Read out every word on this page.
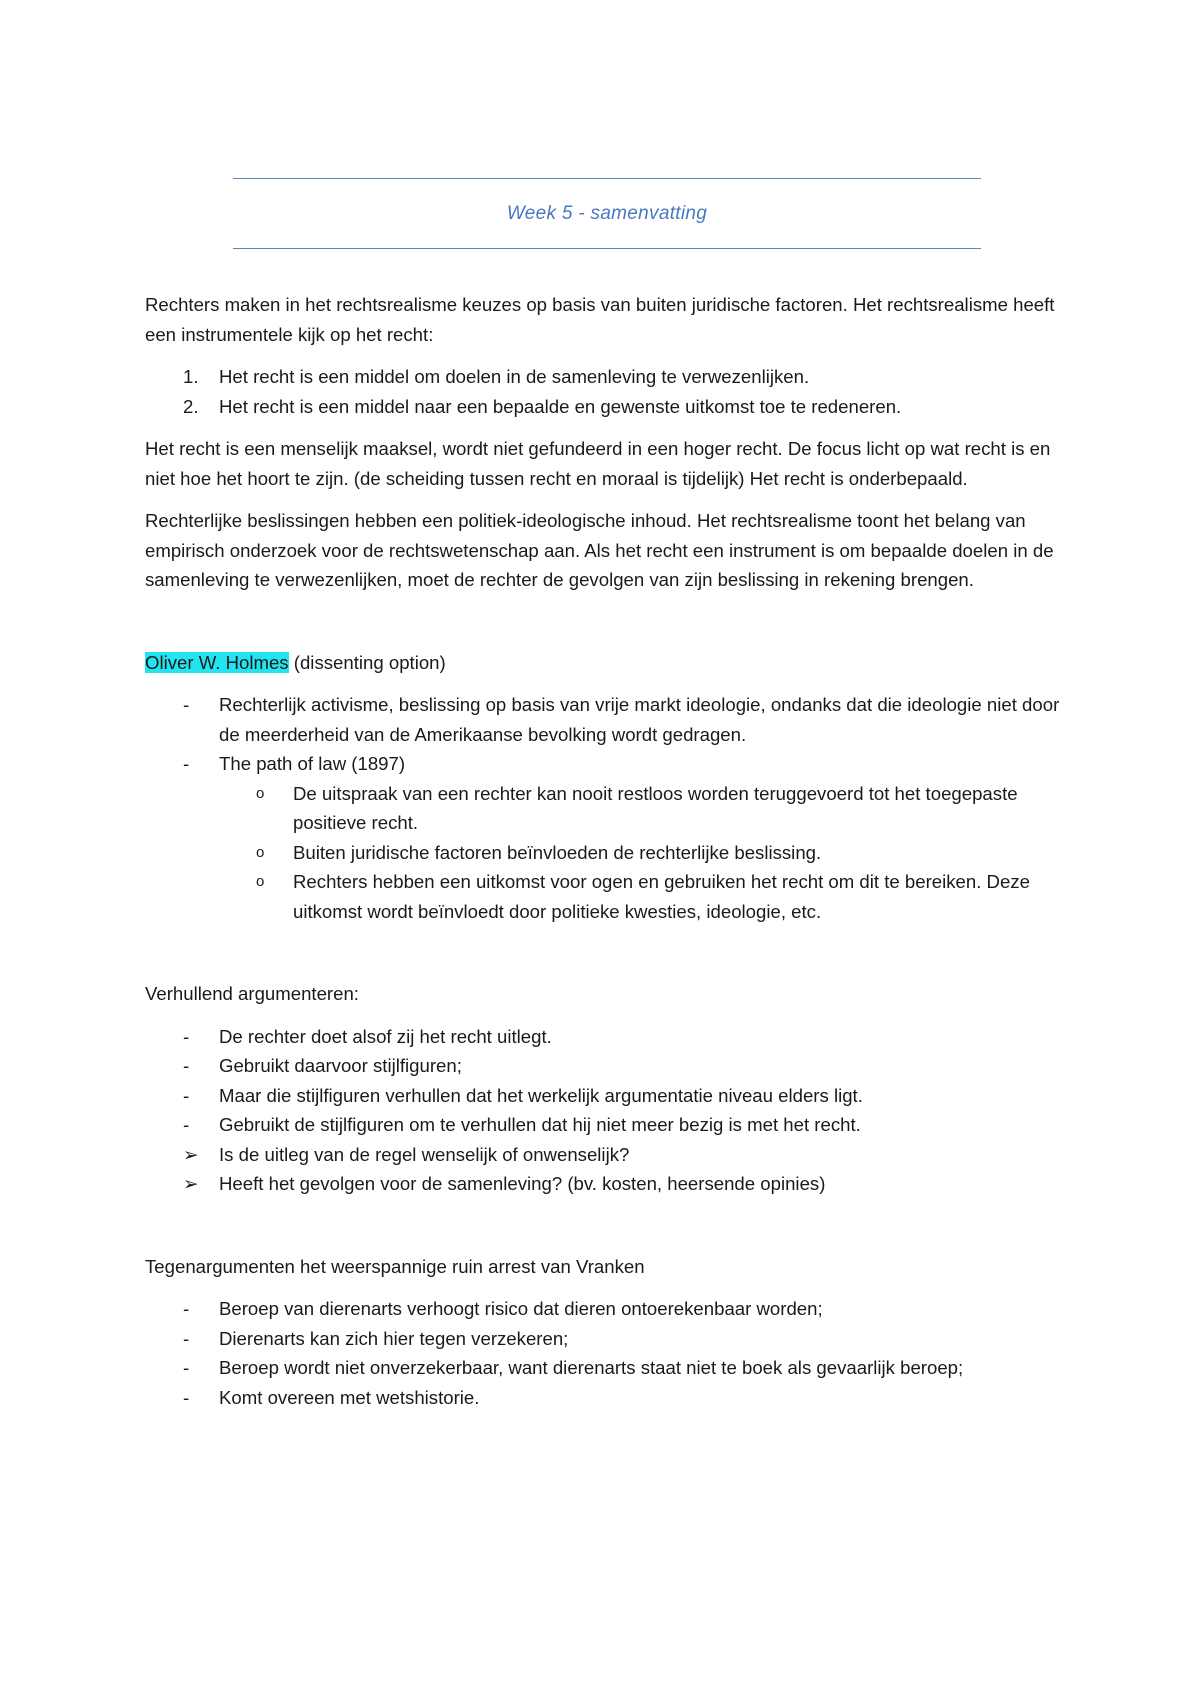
Week 5 - samenvatting

Rechters maken in het rechtsrealisme keuzes op basis van buiten juridische factoren. Het rechtsrealisme heeft een instrumentele kijk op het recht:

1. Het recht is een middel om doelen in de samenleving te verwezenlijken.
2. Het recht is een middel naar een bepaalde en gewenste uitkomst toe te redeneren.

Het recht is een menselijk maaksel, wordt niet gefundeerd in een hoger recht. De focus licht op wat recht is en niet hoe het hoort te zijn. (de scheiding tussen recht en moraal is tijdelijk) Het recht is onderbepaald.

Rechterlijke beslissingen hebben een politiek-ideologische inhoud. Het rechtsrealisme toont het belang van empirisch onderzoek voor de rechtswetenschap aan. Als het recht een instrument is om bepaalde doelen in de samenleving te verwezenlijken, moet de rechter de gevolgen van zijn beslissing in rekening brengen.

Oliver W. Holmes (dissenting option)

- Rechterlijk activisme, beslissing op basis van vrije markt ideologie, ondanks dat die ideologie niet door de meerderheid van de Amerikaanse bevolking wordt gedragen.
- The path of law (1897)
o De uitspraak van een rechter kan nooit restloos worden teruggevoerd tot het toegepaste positieve recht.
o Buiten juridische factoren beïnvloeden de rechterlijke beslissing.
o Rechters hebben een uitkomst voor ogen en gebruiken het recht om dit te bereiken. Deze uitkomst wordt beïnvloedt door politieke kwesties, ideologie, etc.

Verhullend argumenteren:

- De rechter doet alsof zij het recht uitlegt.
- Gebruikt daarvoor stijlfiguren;
- Maar die stijlfiguren verhullen dat het werkelijk argumentatie niveau elders ligt.
- Gebruikt de stijlfiguren om te verhullen dat hij niet meer bezig is met het recht.
➢ Is de uitleg van de regel wenselijk of onwenselijk?
➢ Heeft het gevolgen voor de samenleving? (bv. kosten, heersende opinies)

Tegenargumenten het weerspannige ruin arrest van Vranken

- Beroep van dierenarts verhoogt risico dat dieren ontoerekenbaar worden;
- Dierenarts kan zich hier tegen verzekeren;
- Beroep wordt niet onverzekerbaar, want dierenarts staat niet te boek als gevaarlijk beroep;
- Komt overeen met wetshistorie.
